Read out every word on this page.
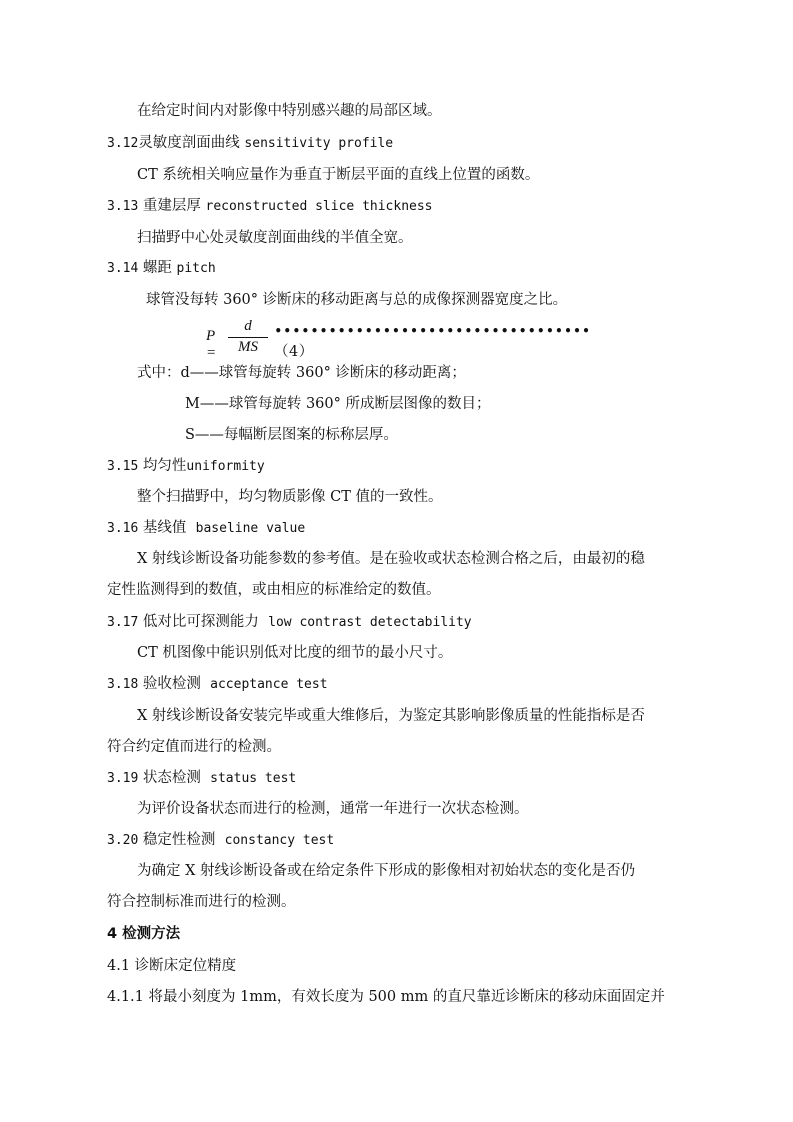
在给定时间内对影像中特别感兴趣的局部区域。
3.12灵敏度剖面曲线 sensitivity profile
CT 系统相关响应量作为垂直于断层平面的直线上位置的函数。
3.13 重建层厚 reconstructed slice thickness
扫描野中心处灵敏度剖面曲线的半值全宽。
3.14 螺距 pitch
球管没每转 360° 诊断床的移动距离与总的成像探测器宽度之比。
P =
d
MS
•••••••••••••••••••••••••••••••••••（4）
式中：d——球管每旋转 360° 诊断床的移动距离；
M——球管每旋转 360° 所成断层图像的数目；
S——每幅断层图案的标称层厚。
3.15 均匀性uniformity
整个扫描野中，均匀物质影像 CT 值的一致性。
3.16 基线值 baseline value
X 射线诊断设备功能参数的参考值。是在验收或状态检测合格之后，由最初的稳
定性监测得到的数值，或由相应的标准给定的数值。
3.17 低对比可探测能力 low contrast detectability
CT 机图像中能识别低对比度的细节的最小尺寸。
3.18 验收检测 acceptance test
X 射线诊断设备安装完毕或重大维修后，为鉴定其影响影像质量的性能指标是否
符合约定值而进行的检测。
3.19 状态检测 status test
为评价设备状态而进行的检测，通常一年进行一次状态检测。
3.20 稳定性检测 constancy test
为确定 X 射线诊断设备或在给定条件下形成的影像相对初始状态的变化是否仍
符合控制标准而进行的检测。
4 检测方法
4.1 诊断床定位精度
4.1.1 将最小刻度为 1mm，有效长度为 500 mm 的直尺靠近诊断床的移动床面固定并
